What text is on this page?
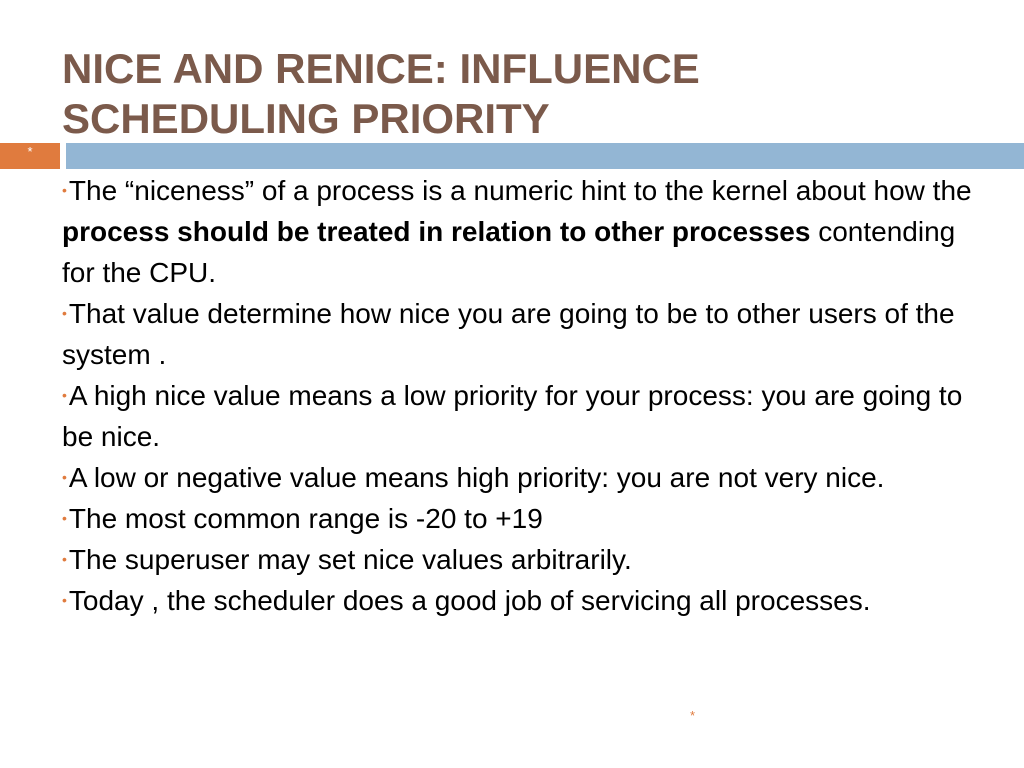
NICE AND RENICE: INFLUENCE
SCHEDULING PRIORITY
*
•The “niceness” of a process is a numeric hint to the kernel about how the process should be treated in relation to other processes contending for the CPU.
•That value determine how nice you are going to be to other users of the system .
•A high nice value means a low priority for your process: you are going to be nice.
•A low or negative value means high priority: you are not very nice.
•The most common range is -20 to +19
•The superuser may set nice values arbitrarily.
•Today , the scheduler does a good job of servicing all processes.
*
